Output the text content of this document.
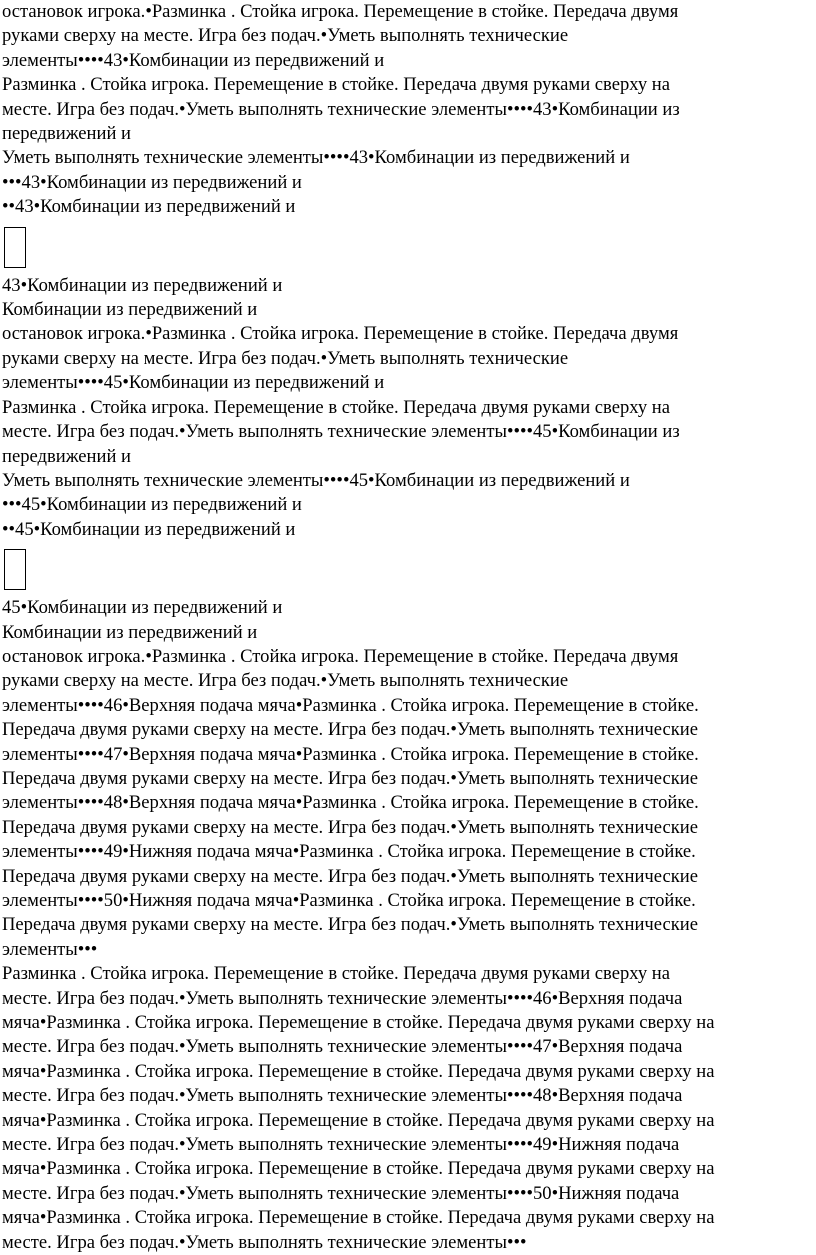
остановок игрока.•Разминка . Стойка игрока. Перемещение в стойке. Передача двумя
руками сверху на месте. Игра без подач.•Уметь выполнять технические
элементы••••43•Комбинации из передвижений и

Разминка . Стойка игрока. Перемещение в стойке. Передача двумя руками сверху на
месте. Игра без подач.•Уметь выполнять технические элементы••••43•Комбинации из
передвижений и

Уметь выполнять технические элементы••••43•Комбинации из передвижений и

•••43•Комбинации из передвижений и

••43•Комбинации из передвижений и

43•Комбинации из передвижений и

Комбинации из передвижений и

остановок игрока.•Разминка . Стойка игрока. Перемещение в стойке. Передача двумя
руками сверху на месте. Игра без подач.•Уметь выполнять технические
элементы••••45•Комбинации из передвижений и

Разминка . Стойка игрока. Перемещение в стойке. Передача двумя руками сверху на
месте. Игра без подач.•Уметь выполнять технические элементы••••45•Комбинации из
передвижений и

Уметь выполнять технические элементы••••45•Комбинации из передвижений и

•••45•Комбинации из передвижений и

••45•Комбинации из передвижений и

45•Комбинации из передвижений и

Комбинации из передвижений и

остановок игрока.•Разминка . Стойка игрока. Перемещение в стойке. Передача двумя
руками сверху на месте. Игра без подач.•Уметь выполнять технические
элементы••••46•Верхняя подача мяча•Разминка . Стойка игрока. Перемещение в стойке.
Передача двумя руками сверху на месте. Игра без подач.•Уметь выполнять технические
элементы••••47•Верхняя подача мяча•Разминка . Стойка игрока. Перемещение в стойке.
Передача двумя руками сверху на месте. Игра без подач.•Уметь выполнять технические
элементы••••48•Верхняя подача мяча•Разминка . Стойка игрока. Перемещение в стойке.
Передача двумя руками сверху на месте. Игра без подач.•Уметь выполнять технические
элементы••••49•Нижняя подача мяча•Разминка . Стойка игрока. Перемещение в стойке.
Передача двумя руками сверху на месте. Игра без подач.•Уметь выполнять технические
элементы••••50•Нижняя подача мяча•Разминка . Стойка игрока. Перемещение в стойке.
Передача двумя руками сверху на месте. Игра без подач.•Уметь выполнять технические
элементы•••

Разминка . Стойка игрока. Перемещение в стойке. Передача двумя руками сверху на
месте. Игра без подач.•Уметь выполнять технические элементы••••46•Верхняя подача
мяча•Разминка . Стойка игрока. Перемещение в стойке. Передача двумя руками сверху на
месте. Игра без подач.•Уметь выполнять технические элементы••••47•Верхняя подача
мяча•Разминка . Стойка игрока. Перемещение в стойке. Передача двумя руками сверху на
месте. Игра без подач.•Уметь выполнять технические элементы••••48•Верхняя подача
мяча•Разминка . Стойка игрока. Перемещение в стойке. Передача двумя руками сверху на
месте. Игра без подач.•Уметь выполнять технические элементы••••49•Нижняя подача
мяча•Разминка . Стойка игрока. Перемещение в стойке. Передача двумя руками сверху на
месте. Игра без подач.•Уметь выполнять технические элементы••••50•Нижняя подача
мяча•Разминка . Стойка игрока. Перемещение в стойке. Передача двумя руками сверху на
месте. Игра без подач.•Уметь выполнять технические элементы•••
